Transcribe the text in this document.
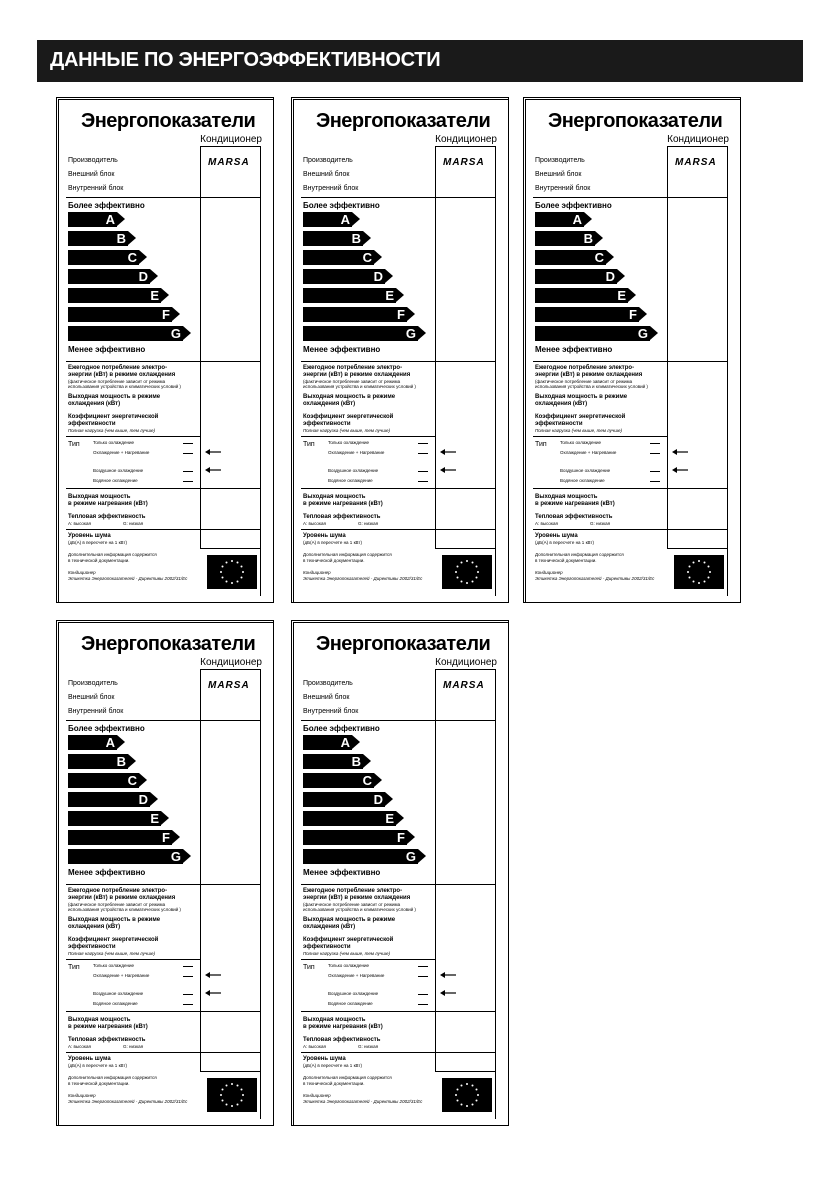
ДАННЫЕ ПО ЭНЕРГОЭФФЕКТИВНОСТИ
Энергопоказатели
Кондиционер
Производитель
Внешний блок
Внутренний блок
MARSA
Более эффективно
A
B
C
D
E
F
G
Менее эффективно
Ежегодное потребление электро-
энергии (кВт) в режиме охлаждения
(фактическое потребление зависит от режима
использования устройства и климатических условий )
Выходная мощность в режиме
охлаждения (кВт)
Коэффициент энергетической
эффективности
Полная нагрузка (чем выше, тем лучше)
Тип	Только охлаждение
Охлаждение + Нагревание
Воздушное охлаждение
Водяное охлаждение
Выходная мощность
в режиме нагревания (кВт)
Тепловая эффективность
А: высокая	G: низкая
Уровень шума
(дБ(А) в пересчете на 1 кВт)
Дополнительная информация содержится
в технической документации.
Кондиционер
Этикетка Энергопоказателей - Директивы 2002/31/Ес
Энергопоказатели
Кондиционер
Производитель
Внешний блок
Внутренний блок
MARSA
Более эффективно
A
B
C
D
E
F
G
Менее эффективно
Ежегодное потребление электро-
энергии (кВт) в режиме охлаждения
(фактическое потребление зависит от режима
использования устройства и климатических условий )
Выходная мощность в режиме
охлаждения (кВт)
Коэффициент энергетической
эффективности
Полная нагрузка (чем выше, тем лучше)
Тип	Только охлаждение
Охлаждение + Нагревание
Воздушное охлаждение
Водяное охлаждение
Выходная мощность
в режиме нагревания (кВт)
Тепловая эффективность
А: высокая	G: низкая
Уровень шума
(дБ(А) в пересчете на 1 кВт)
Дополнительная информация содержится
в технической документации.
Кондиционер
Этикетка Энергопоказателей - Директивы 2002/31/Ес
Энергопоказатели
Кондиционер
Производитель
Внешний блок
Внутренний блок
MARSA
Более эффективно
A
B
C
D
E
F
G
Менее эффективно
Ежегодное потребление электро-
энергии (кВт) в режиме охлаждения
(фактическое потребление зависит от режима
использования устройства и климатических условий )
Выходная мощность в режиме
охлаждения (кВт)
Коэффициент энергетической
эффективности
Полная нагрузка (чем выше, тем лучше)
Тип	Только охлаждение
Охлаждение + Нагревание
Воздушное охлаждение
Водяное охлаждение
Выходная мощность
в режиме нагревания (кВт)
Тепловая эффективность
А: высокая	G: низкая
Уровень шума
(дБ(А) в пересчете на 1 кВт)
Дополнительная информация содержится
в технической документации.
Кондиционер
Этикетка Энергопоказателей - Директивы 2002/31/Ес
Энергопоказатели
Кондиционер
Производитель
Внешний блок
Внутренний блок
MARSA
Более эффективно
A
B
C
D
E
F
G
Менее эффективно
Ежегодное потребление электро-
энергии (кВт) в режиме охлаждения
(фактическое потребление зависит от режима
использования устройства и климатических условий )
Выходная мощность в режиме
охлаждения (кВт)
Коэффициент энергетической
эффективности
Полная нагрузка (чем выше, тем лучше)
Тип	Только охлаждение
Охлаждение + Нагревание
Воздушное охлаждение
Водяное охлаждение
Выходная мощность
в режиме нагревания (кВт)
Тепловая эффективность
А: высокая	G: низкая
Уровень шума
(дБ(А) в пересчете на 1 кВт)
Дополнительная информация содержится
в технической документации.
Кондиционер
Этикетка Энергопоказателей - Директивы 2002/31/Ес
Энергопоказатели
Кондиционер
Производитель
Внешний блок
Внутренний блок
MARSA
Более эффективно
A
B
C
D
E
F
G
Менее эффективно
Ежегодное потребление электро-
энергии (кВт) в режиме охлаждения
(фактическое потребление зависит от режима
использования устройства и климатических условий )
Выходная мощность в режиме
охлаждения (кВт)
Коэффициент энергетической
эффективности
Полная нагрузка (чем выше, тем лучше)
Тип	Только охлаждение
Охлаждение + Нагревание
Воздушное охлаждение
Водяное охлаждение
Выходная мощность
в режиме нагревания (кВт)
Тепловая эффективность
А: высокая	G: низкая
Уровень шума
(дБ(А) в пересчете на 1 кВт)
Дополнительная информация содержится
в технической документации.
Кондиционер
Этикетка Энергопоказателей - Директивы 2002/31/Ес
